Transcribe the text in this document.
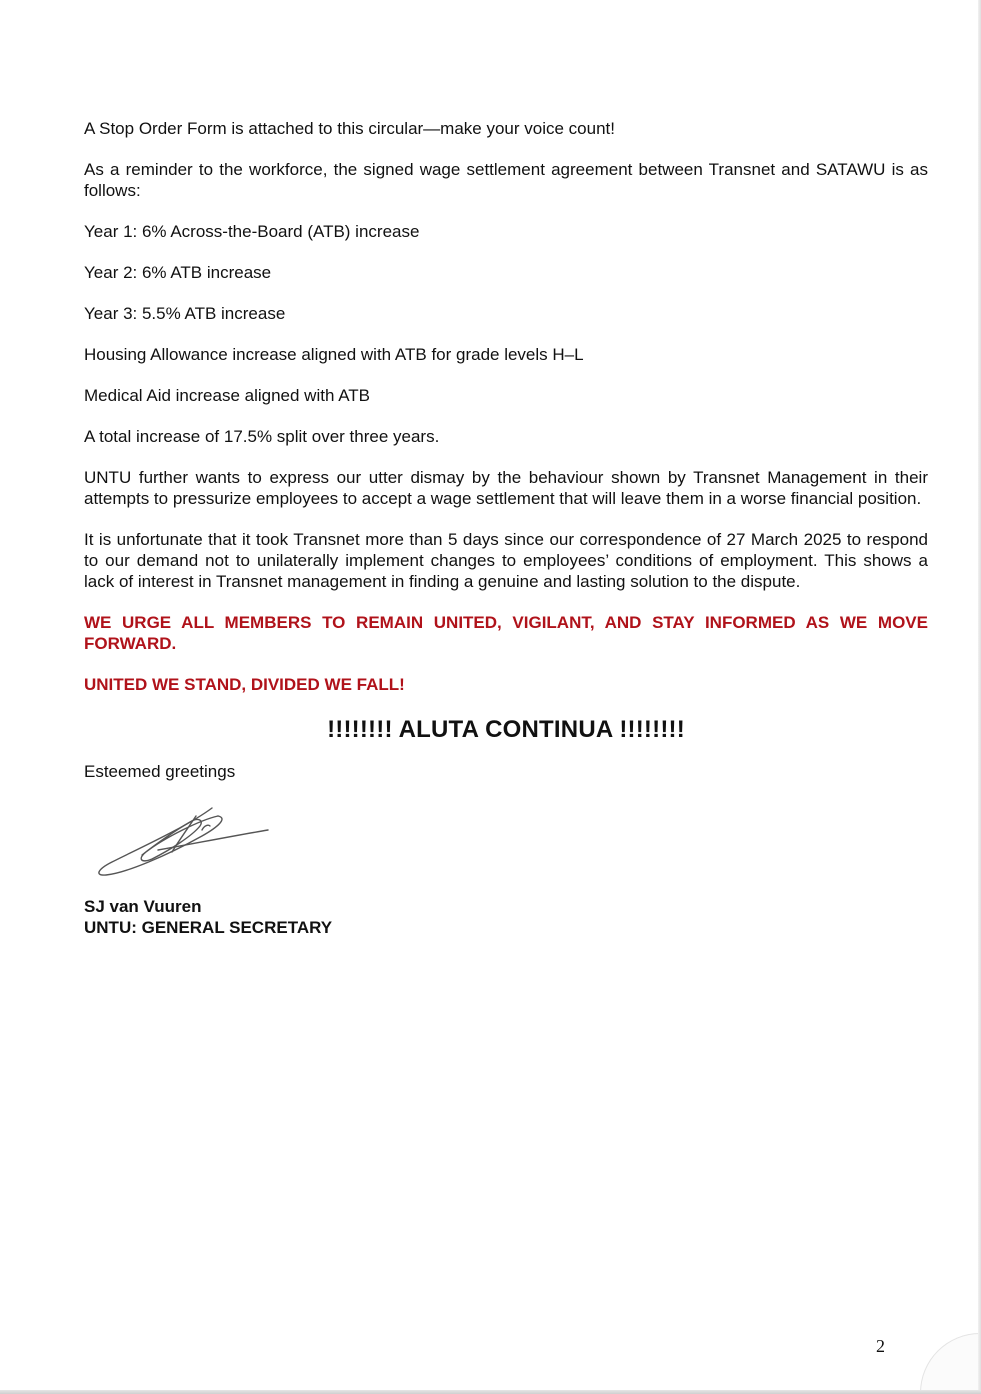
A Stop Order Form is attached to this circular—make your voice count!

As a reminder to the workforce, the signed wage settlement agreement between Transnet and SATAWU is as follows:

Year 1: 6% Across-the-Board (ATB) increase

Year 2: 6% ATB increase

Year 3: 5.5% ATB increase

Housing Allowance increase aligned with ATB for grade levels H–L

Medical Aid increase aligned with ATB

A total increase of 17.5% split over three years.

UNTU further wants to express our utter dismay by the behaviour shown by Transnet Management in their attempts to pressurize employees to accept a wage settlement that will leave them in a worse financial position.

It is unfortunate that it took Transnet more than 5 days since our correspondence of 27 March 2025 to respond to our demand not to unilaterally implement changes to employees’ conditions of employment. This shows a lack of interest in Transnet management in finding a genuine and lasting solution to the dispute.

WE URGE ALL MEMBERS TO REMAIN UNITED, VIGILANT, AND STAY INFORMED AS WE MOVE FORWARD.

UNITED WE STAND, DIVIDED WE FALL!

!!!!!!!! ALUTA CONTINUA !!!!!!!!

Esteemed greetings

SJ van Vuuren
UNTU: GENERAL SECRETARY
2
